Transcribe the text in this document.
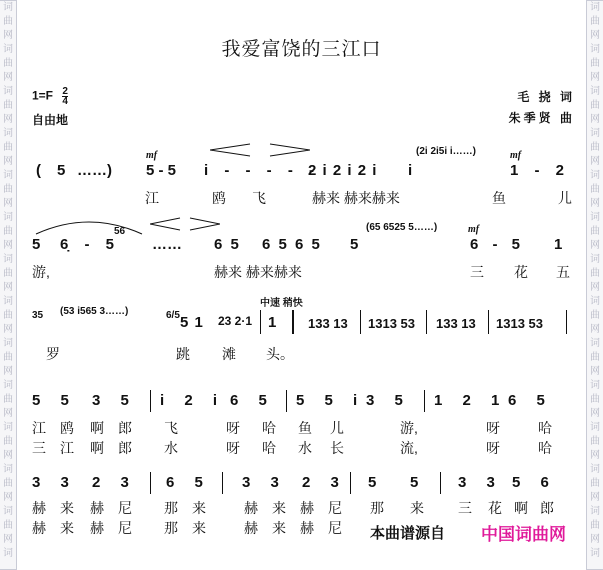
词
曲
网
词
曲
网
词
曲
网
词
曲
网
词
曲
网
词
曲
网
词
曲
网
词
曲
网
词
曲
网
词
曲
网
词
曲
网
词
曲
网
词
曲
网
词
词
曲
网
词
曲
网
词
曲
网
词
曲
网
词
曲
网
词
曲
网
词
曲
网
词
曲
网
词
曲
网
词
曲
网
词
曲
网
词
曲
网
词
曲
网
词
我爱富饶的三江口
$1=F \frac{2}{4}$
自由地
毛 挠 词
朱季贤 曲
( 5 ……)
mf
5 - 5 i - - - - -
2 i 2 i 2 i i
(2i 2i5i i……)	mf
1 - 2
江	鸥 飞	赫来 赫来赫来	鱼	儿
5 6̣ - 5
56
…… 6 5 6 5 6 5 5
(65 6525 5……)	mf
6 - 5 1
游,	赫来 赫来赫来	三 花 五
35 (53 i565 3……)	6/5 5 1 23 2·1 1
中速 稍快
133 13 1313 53 133 13 1313 53
罗	跳 滩 头。
5 5 3 5 i 2 i 6 5 5 5 i 3 5 1 2 1 6 5
江 鸥 啊 郎 飞	呀 哈 鱼 儿	游,	呀	哈
三 江 啊 郎 水	呀 哈 水 长	流,	呀	哈
3 3 2 3 6 5 3 3 2 3 5 5	3 3 5 6
赫 来 赫 尼 那 来	赫 来 赫 尼 那 来 三 花 啊 郎
赫 来 赫 尼 那 来	赫 来 赫 尼 本曲谱源自 中国词曲网
